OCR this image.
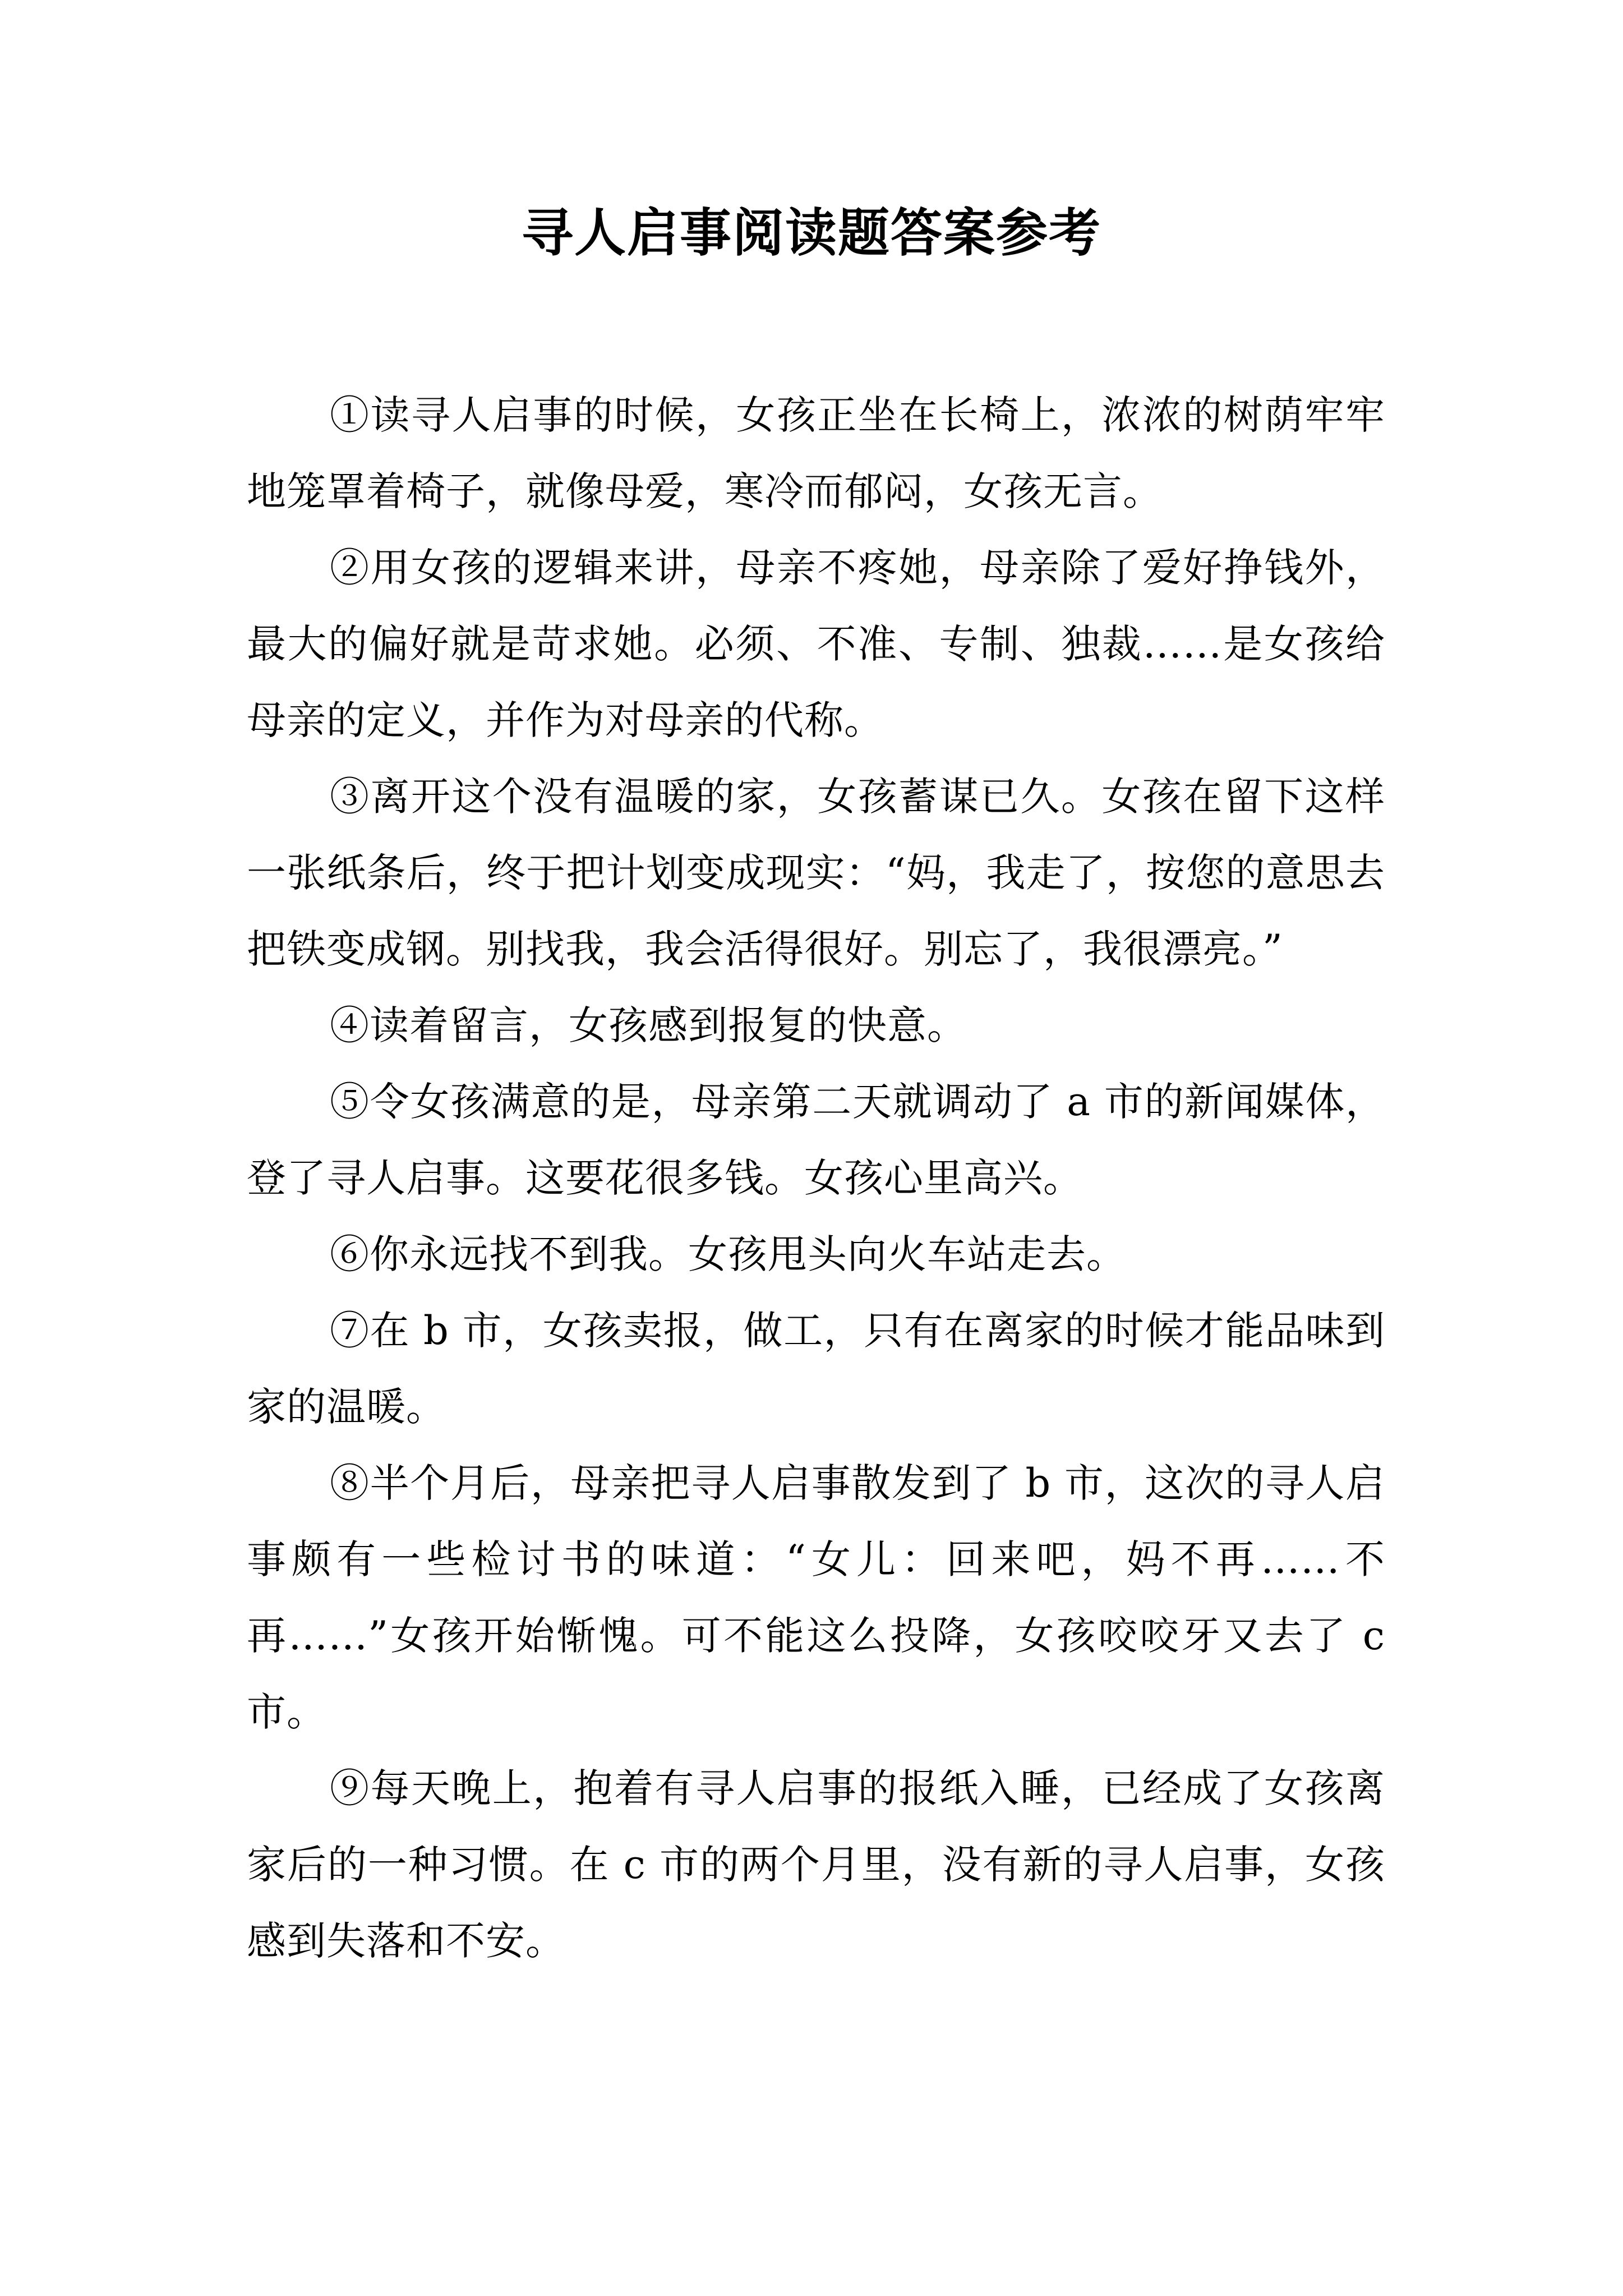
寻人启事阅读题答案参考

①读寻人启事的时候，女孩正坐在长椅上，浓浓的树荫牢牢地笼罩着椅子，就像母爱，寒冷而郁闷，女孩无言。

②用女孩的逻辑来讲，母亲不疼她，母亲除了爱好挣钱外，最大的偏好就是苛求她。必须、不准、专制、独裁……是女孩给母亲的定义，并作为对母亲的代称。

③离开这个没有温暖的家，女孩蓄谋已久。女孩在留下这样一张纸条后，终于把计划变成现实：“妈，我走了，按您的意思去把铁变成钢。别找我，我会活得很好。别忘了，我很漂亮。”

④读着留言，女孩感到报复的快意。

⑤令女孩满意的是，母亲第二天就调动了 a 市的新闻媒体，登了寻人启事。这要花很多钱。女孩心里高兴。

⑥你永远找不到我。女孩甩头向火车站走去。

⑦在 b 市，女孩卖报，做工，只有在离家的时候才能品味到家的温暖。

⑧半个月后，母亲把寻人启事散发到了 b 市，这次的寻人启事颇有一些检讨书的味道：“女儿：回来吧，妈不再……不再……”女孩开始惭愧。可不能这么投降，女孩咬咬牙又去了 c 市。

⑨每天晚上，抱着有寻人启事的报纸入睡，已经成了女孩离家后的一种习惯。在 c 市的两个月里，没有新的寻人启事，女孩感到失落和不安。
